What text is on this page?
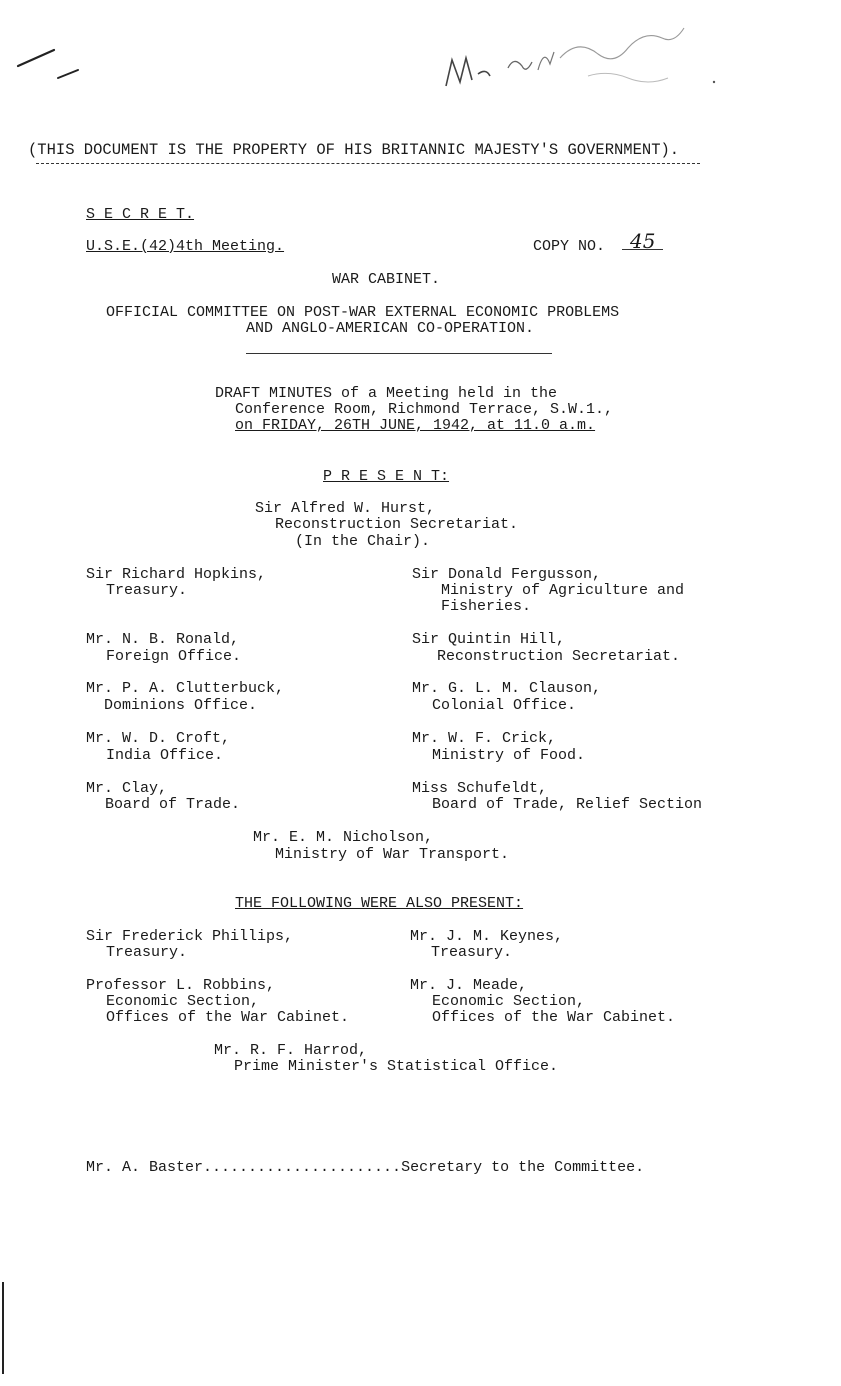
(THIS DOCUMENT IS THE PROPERTY OF HIS BRITANNIC MAJESTY'S GOVERNMENT).
S E C R E T.
U.S.E.(42)4th Meeting.	COPY NO.	45
WAR CABINET.
OFFICIAL COMMITTEE ON POST-WAR EXTERNAL ECONOMIC PROBLEMS
AND ANGLO-AMERICAN CO-OPERATION.
DRAFT MINUTES of a Meeting held in the
Conference Room, Richmond Terrace, S.W.1.,
on FRIDAY, 26TH JUNE, 1942, at 11.0 a.m.
P R E S E N T:
Sir Alfred W. Hurst,
Reconstruction Secretariat.
(In the Chair).
Sir Richard Hopkins,
Treasury.
Mr. N. B. Ronald,
Foreign Office.
Mr. P. A. Clutterbuck,
Dominions Office.
Mr. W. D. Croft,
India Office.
Mr. Clay,
Board of Trade.
Sir Donald Fergusson,
Ministry of Agriculture and
Fisheries.
Sir Quintin Hill,
Reconstruction Secretariat.
Mr. G. L. M. Clauson,
Colonial Office.
Mr. W. F. Crick,
Ministry of Food.
Miss Schufeldt,
Board of Trade, Relief Section
Mr. E. M. Nicholson,
Ministry of War Transport.
THE FOLLOWING WERE ALSO PRESENT:
Sir Frederick Phillips,
Treasury.
Professor L. Robbins,
Economic Section,
Offices of the War Cabinet.
Mr. J. M. Keynes,
Treasury.
Mr. J. Meade,
Economic Section,
Offices of the War Cabinet.
Mr. R. F. Harrod,
Prime Minister's Statistical Office.
Mr. A. Baster......................Secretary to the Committee.
